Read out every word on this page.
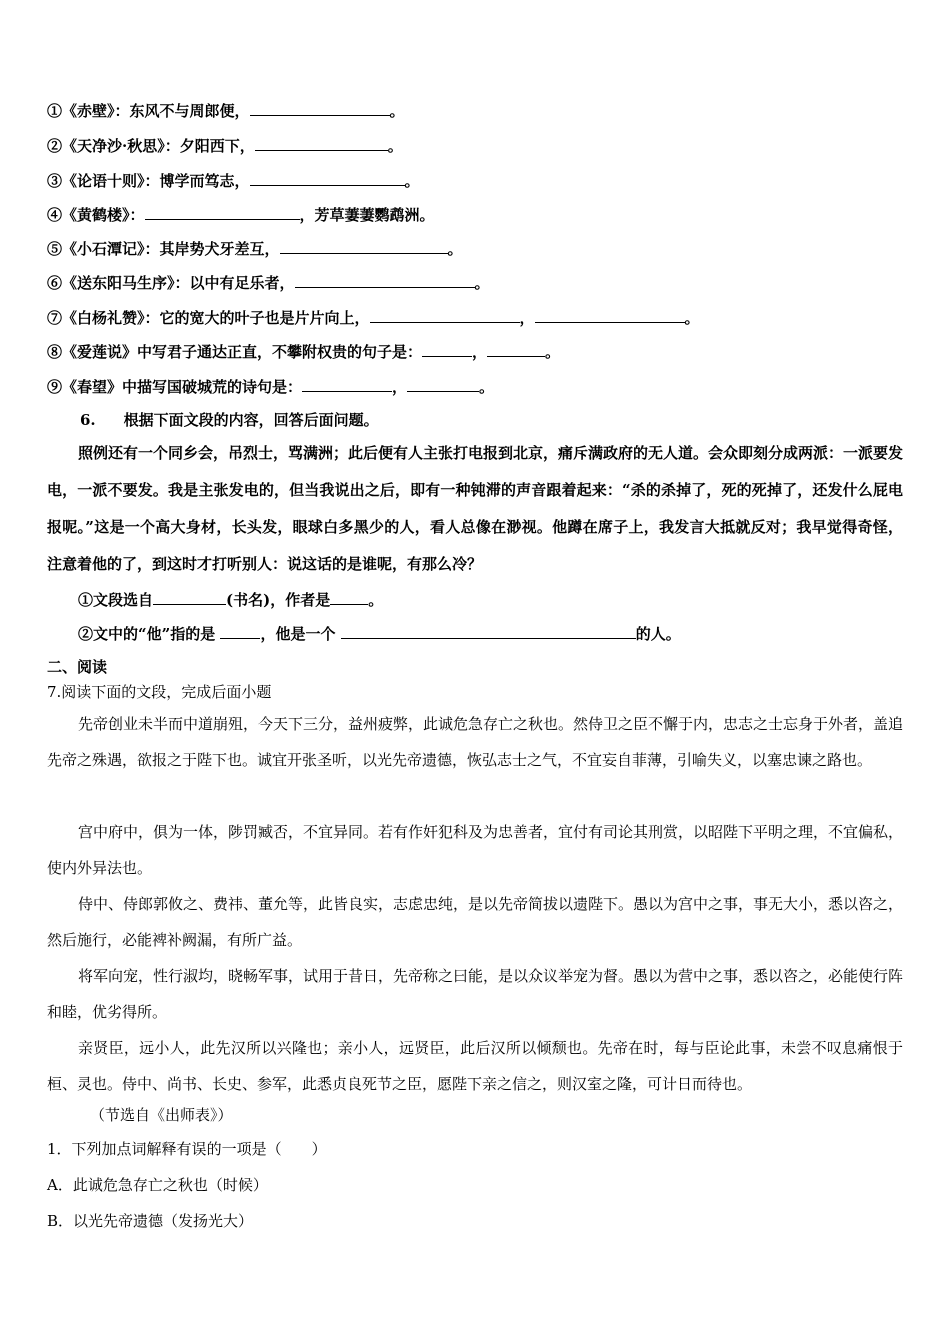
①《赤壁》：东风不与周郎便，	。
②《天净沙·秋思》：夕阳西下，	。
③《论语十则》：博学而笃志，	。
④《黄鹤楼》：	，芳草萋萋鹦鹉洲。
⑤《小石潭记》：其岸势犬牙差互，	。
⑥《送东阳马生序》：以中有足乐者，	。
⑦《白杨礼赞》：它的宽大的叶子也是片片向上，	，	。
⑧《爱莲说》中写君子通达正直，不攀附权贵的句子是：	，	。
⑨《春望》中描写国破城荒的诗句是：	，	。
6. 根据下面文段的内容，回答后面问题。

照例还有一个同乡会，吊烈士，骂满洲；此后便有人主张打电报到北京，痛斥满政府的无人道。会众即刻分成两派：一派要发电，一派不要发。我是主张发电的，但当我说出之后，即有一种钝滞的声音跟着起来：“杀的杀掉了，死的死掉了，还发什么屁电报呢。”这是一个高大身材，长头发，眼球白多黑少的人，看人总像在渺视。他蹲在席子上，我发言大抵就反对；我早觉得奇怪，注意着他的了，到这时才打听别人：说这话的是谁呢，有那么冷？

①文段选自	(书名)，作者是	。
②文中的“他”指的是	，他是一个	的人。
二、阅读
7.阅读下面的文段，完成后面小题

先帝创业未半而中道崩殂，今天下三分，益州疲弊，此诚危急存亡之秋也。然侍卫之臣不懈于内，忠志之士忘身于外者，盖追先帝之殊遇，欲报之于陛下也。诚宜开张圣听，以光先帝遗德，恢弘志士之气，不宜妄自菲薄，引喻失义，以塞忠谏之路也。

宫中府中，俱为一体，陟罚臧否，不宜异同。若有作奸犯科及为忠善者，宜付有司论其刑赏，以昭陛下平明之理，不宜偏私，使内外异法也。

侍中、侍郎郭攸之、费祎、董允等，此皆良实，志虑忠纯，是以先帝简拔以遗陛下。愚以为宫中之事，事无大小，悉以咨之，然后施行，必能裨补阙漏，有所广益。

将军向宠，性行淑均，晓畅军事，试用于昔日，先帝称之曰能，是以众议举宠为督。愚以为营中之事，悉以咨之，必能使行阵和睦，优劣得所。

亲贤臣，远小人，此先汉所以兴隆也；亲小人，远贤臣，此后汉所以倾颓也。先帝在时，每与臣论此事，未尝不叹息痛恨于桓、灵也。侍中、尚书、长史、参军，此悉贞良死节之臣，愿陛下亲之信之，则汉室之隆，可计日而待也。

（节选自《出师表》）
1．下列加点词解释有误的一项是（　　）
A．此诚危急存亡之秋也（时候）
B．以光先帝遗德（发扬光大）
